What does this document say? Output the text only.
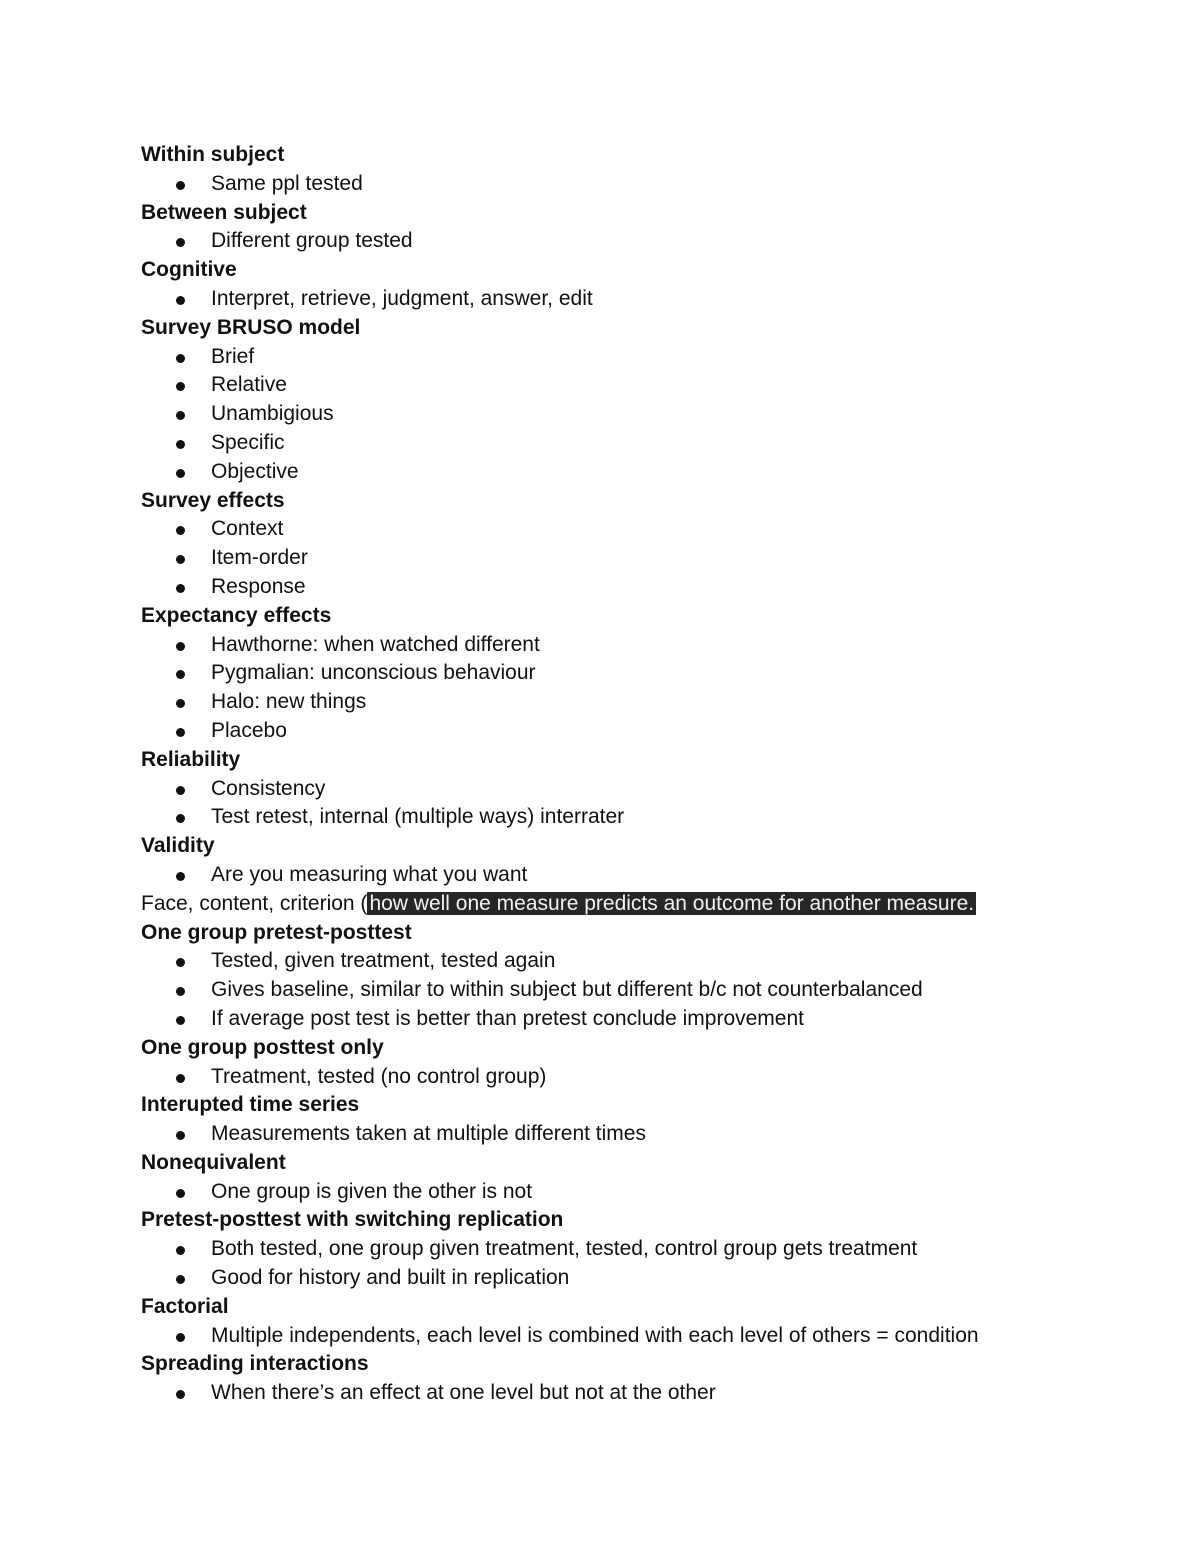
Within subject
Same ppl tested
Between subject
Different group tested
Cognitive
Interpret, retrieve, judgment, answer, edit
Survey BRUSO model
Brief
Relative
Unambigious
Specific
Objective
Survey effects
Context
Item-order
Response
Expectancy effects
Hawthorne: when watched different
Pygmalian: unconscious behaviour
Halo: new things
Placebo
Reliability
Consistency
Test retest, internal (multiple ways) interrater
Validity
Are you measuring what you want
Face, content, criterion (how well one measure predicts an outcome for another measure.
One group pretest-posttest
Tested, given treatment, tested again
Gives baseline, similar to within subject but different b/c not counterbalanced
If average post test is better than pretest conclude improvement
One group posttest only
Treatment, tested (no control group)
Interupted time series
Measurements taken at multiple different times
Nonequivalent
One group is given the other is not
Pretest-posttest with switching replication
Both tested, one group given treatment, tested, control group gets treatment
Good for history and built in replication
Factorial
Multiple independents, each level is combined with each level of others = condition
Spreading interactions
When there’s an effect at one level but not at the other
